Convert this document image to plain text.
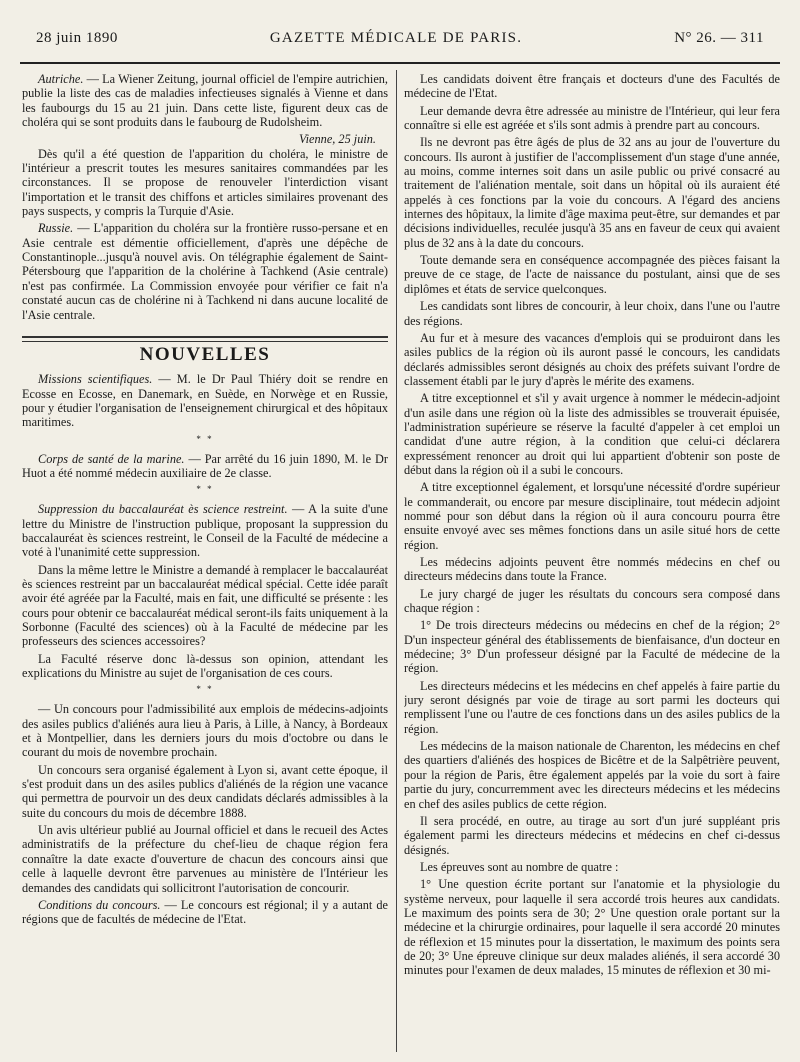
28 juin 1890	GAZETTE MÉDICALE DE PARIS.	N° 26. — 311

Autriche. — La Wiener Zeitung, journal officiel de l'empire autrichien, publie la liste des cas de maladies infectieuses signalés à Vienne et dans les faubourgs du 15 au 21 juin. Dans cette liste, figurent deux cas de choléra qui se sont produits dans le faubourg de Rudolsheim.

Vienne, 25 juin.

Dès qu'il a été question de l'apparition du choléra, le ministre de l'intérieur a prescrit toutes les mesures sanitaires commandées par les circonstances. Il se propose de renouveler l'interdiction visant l'importation et le transit des chiffons et articles similaires provenant des pays suspects, y compris la Turquie d'Asie.

Russie. — L'apparition du choléra sur la frontière russo-persane et en Asie centrale est démentie officiellement, d'après une dépêche de Constantinople...jusqu'à nouvel avis. On télégraphie également de Saint-Pétersbourg que l'apparition de la cholérine à Tachkend (Asie centrale) n'est pas confirmée. La Commission envoyée pour vérifier ce fait n'a constaté aucun cas de cholérine ni à Tachkend ni dans aucune localité de l'Asie centrale.

NOUVELLES

Missions scientifiques. — M. le Dr Paul Thiéry doit se rendre en Ecosse en Ecosse, en Danemark, en Suède, en Norwège et en Russie, pour y étudier l'organisation de l'enseignement chirurgical et des hôpitaux maritimes.

* *

Corps de santé de la marine. — Par arrêté du 16 juin 1890, M. le Dr Huot a été nommé médecin auxiliaire de 2e classe.

* *

Suppression du baccalauréat ès science restreint. — A la suite d'une lettre du Ministre de l'instruction publique, proposant la suppression du baccalauréat ès sciences restreint, le Conseil de la Faculté de médecine a voté à l'unanimité cette suppression.

Dans la même lettre le Ministre a demandé à remplacer le baccalauréat ès sciences restreint par un baccalauréat médical spécial. Cette idée paraît avoir été agréée par la Faculté, mais en fait, une difficulté se présente : les cours pour obtenir ce baccalauréat médical seront-ils faits uniquement à la Sorbonne (Faculté des sciences) où à la Faculté de médecine par les professeurs des sciences accessoires?

La Faculté réserve donc là-dessus son opinion, attendant les explications du Ministre au sujet de l'organisation de ces cours.

* *

— Un concours pour l'admissibilité aux emplois de médecins-adjoints des asiles publics d'aliénés aura lieu à Paris, à Lille, à Nancy, à Bordeaux et à Montpellier, dans les derniers jours du mois d'octobre ou dans le courant du mois de novembre prochain.

Un concours sera organisé également à Lyon si, avant cette époque, il s'est produit dans un des asiles publics d'aliénés de la région une vacance qui permettra de pourvoir un des deux candidats déclarés admissibles à la suite du concours du mois de décembre 1888.

Un avis ultérieur publié au Journal officiel et dans le recueil des Actes administratifs de la préfecture du chef-lieu de chaque région fera connaître la date exacte d'ouverture de chacun des concours ainsi que celle à laquelle devront être parvenues au ministère de l'Intérieur les demandes des candidats qui sollicitront l'autorisation de concourir.

Conditions du concours. — Le concours est régional; il y a autant de régions que de facultés de médecine de l'Etat.

Les candidats doivent être français et docteurs d'une des Facultés de médecine de l'Etat.

Leur demande devra être adressée au ministre de l'Intérieur, qui leur fera connaître si elle est agréée et s'ils sont admis à prendre part au concours.

Ils ne devront pas être âgés de plus de 32 ans au jour de l'ouverture du concours. Ils auront à justifier de l'accomplissement d'un stage d'une année, au moins, comme internes soit dans un asile public ou privé consacré au traitement de l'aliénation mentale, soit dans un hôpital où ils auraient été appelés à ces fonctions par la voie du concours. A l'égard des anciens internes des hôpitaux, la limite d'âge maxima peut-être, sur demandes et par décisions individuelles, reculée jusqu'à 35 ans en faveur de ceux qui avaient plus de 32 ans à la date du concours.

Toute demande sera en conséquence accompagnée des pièces faisant la preuve de ce stage, de l'acte de naissance du postulant, ainsi que de ses diplômes et états de service quelconques.

Les candidats sont libres de concourir, à leur choix, dans l'une ou l'autre des régions.

Au fur et à mesure des vacances d'emplois qui se produiront dans les asiles publics de la région où ils auront passé le concours, les candidats déclarés admissibles seront désignés au choix des préfets suivant l'ordre de classement établi par le jury d'après le mérite des examens.

A titre exceptionnel et s'il y avait urgence à nommer le médecin-adjoint d'un asile dans une région où la liste des admissibles se trouverait épuisée, l'administration supérieure se réserve la faculté d'appeler à cet emploi un candidat d'une autre région, à la condition que celui-ci déclarera expressément renoncer au droit qui lui appartient d'obtenir son poste de début dans la région où il a subi le concours.

A titre exceptionnel également, et lorsqu'une nécessité d'ordre supérieur le commanderait, ou encore par mesure disciplinaire, tout médecin adjoint nommé pour son début dans la région où il aura concouru pourra être ensuite envoyé avec ses mêmes fonctions dans un asile situé hors de cette région.

Les médecins adjoints peuvent être nommés médecins en chef ou directeurs médecins dans toute la France.

Le jury chargé de juger les résultats du concours sera composé dans chaque région :

1° De trois directeurs médecins ou médecins en chef de la région; 2° D'un inspecteur général des établissements de bienfaisance, d'un docteur en médecine; 3° D'un professeur désigné par la Faculté de médecine de la région.

Les directeurs médecins et les médecins en chef appelés à faire partie du jury seront désignés par voie de tirage au sort parmi les docteurs qui remplissent l'une ou l'autre de ces fonctions dans un des asiles publics de la région.

Les médecins de la maison nationale de Charenton, les médecins en chef des quartiers d'aliénés des hospices de Bicêtre et de la Salpêtrière peuvent, pour la région de Paris, être également appelés par la voie du sort à faire partie du jury, concurremment avec les directeurs médecins et les médecins en chef des asiles publics de cette région.

Il sera procédé, en outre, au tirage au sort d'un juré suppléant pris également parmi les directeurs médecins et médecins en chef ci-dessus désignés.

Les épreuves sont au nombre de quatre :

1° Une question écrite portant sur l'anatomie et la physiologie du système nerveux, pour laquelle il sera accordé trois heures aux candidats. Le maximum des points sera de 30; 2° Une question orale portant sur la médecine et la chirurgie ordinaires, pour laquelle il sera accordé 20 minutes de réflexion et 15 minutes pour la dissertation, le maximum des points sera de 20; 3° Une épreuve clinique sur deux malades aliénés, il sera accordé 30 minutes pour l'examen de deux malades, 15 minutes de réflexion et 30 mi-
